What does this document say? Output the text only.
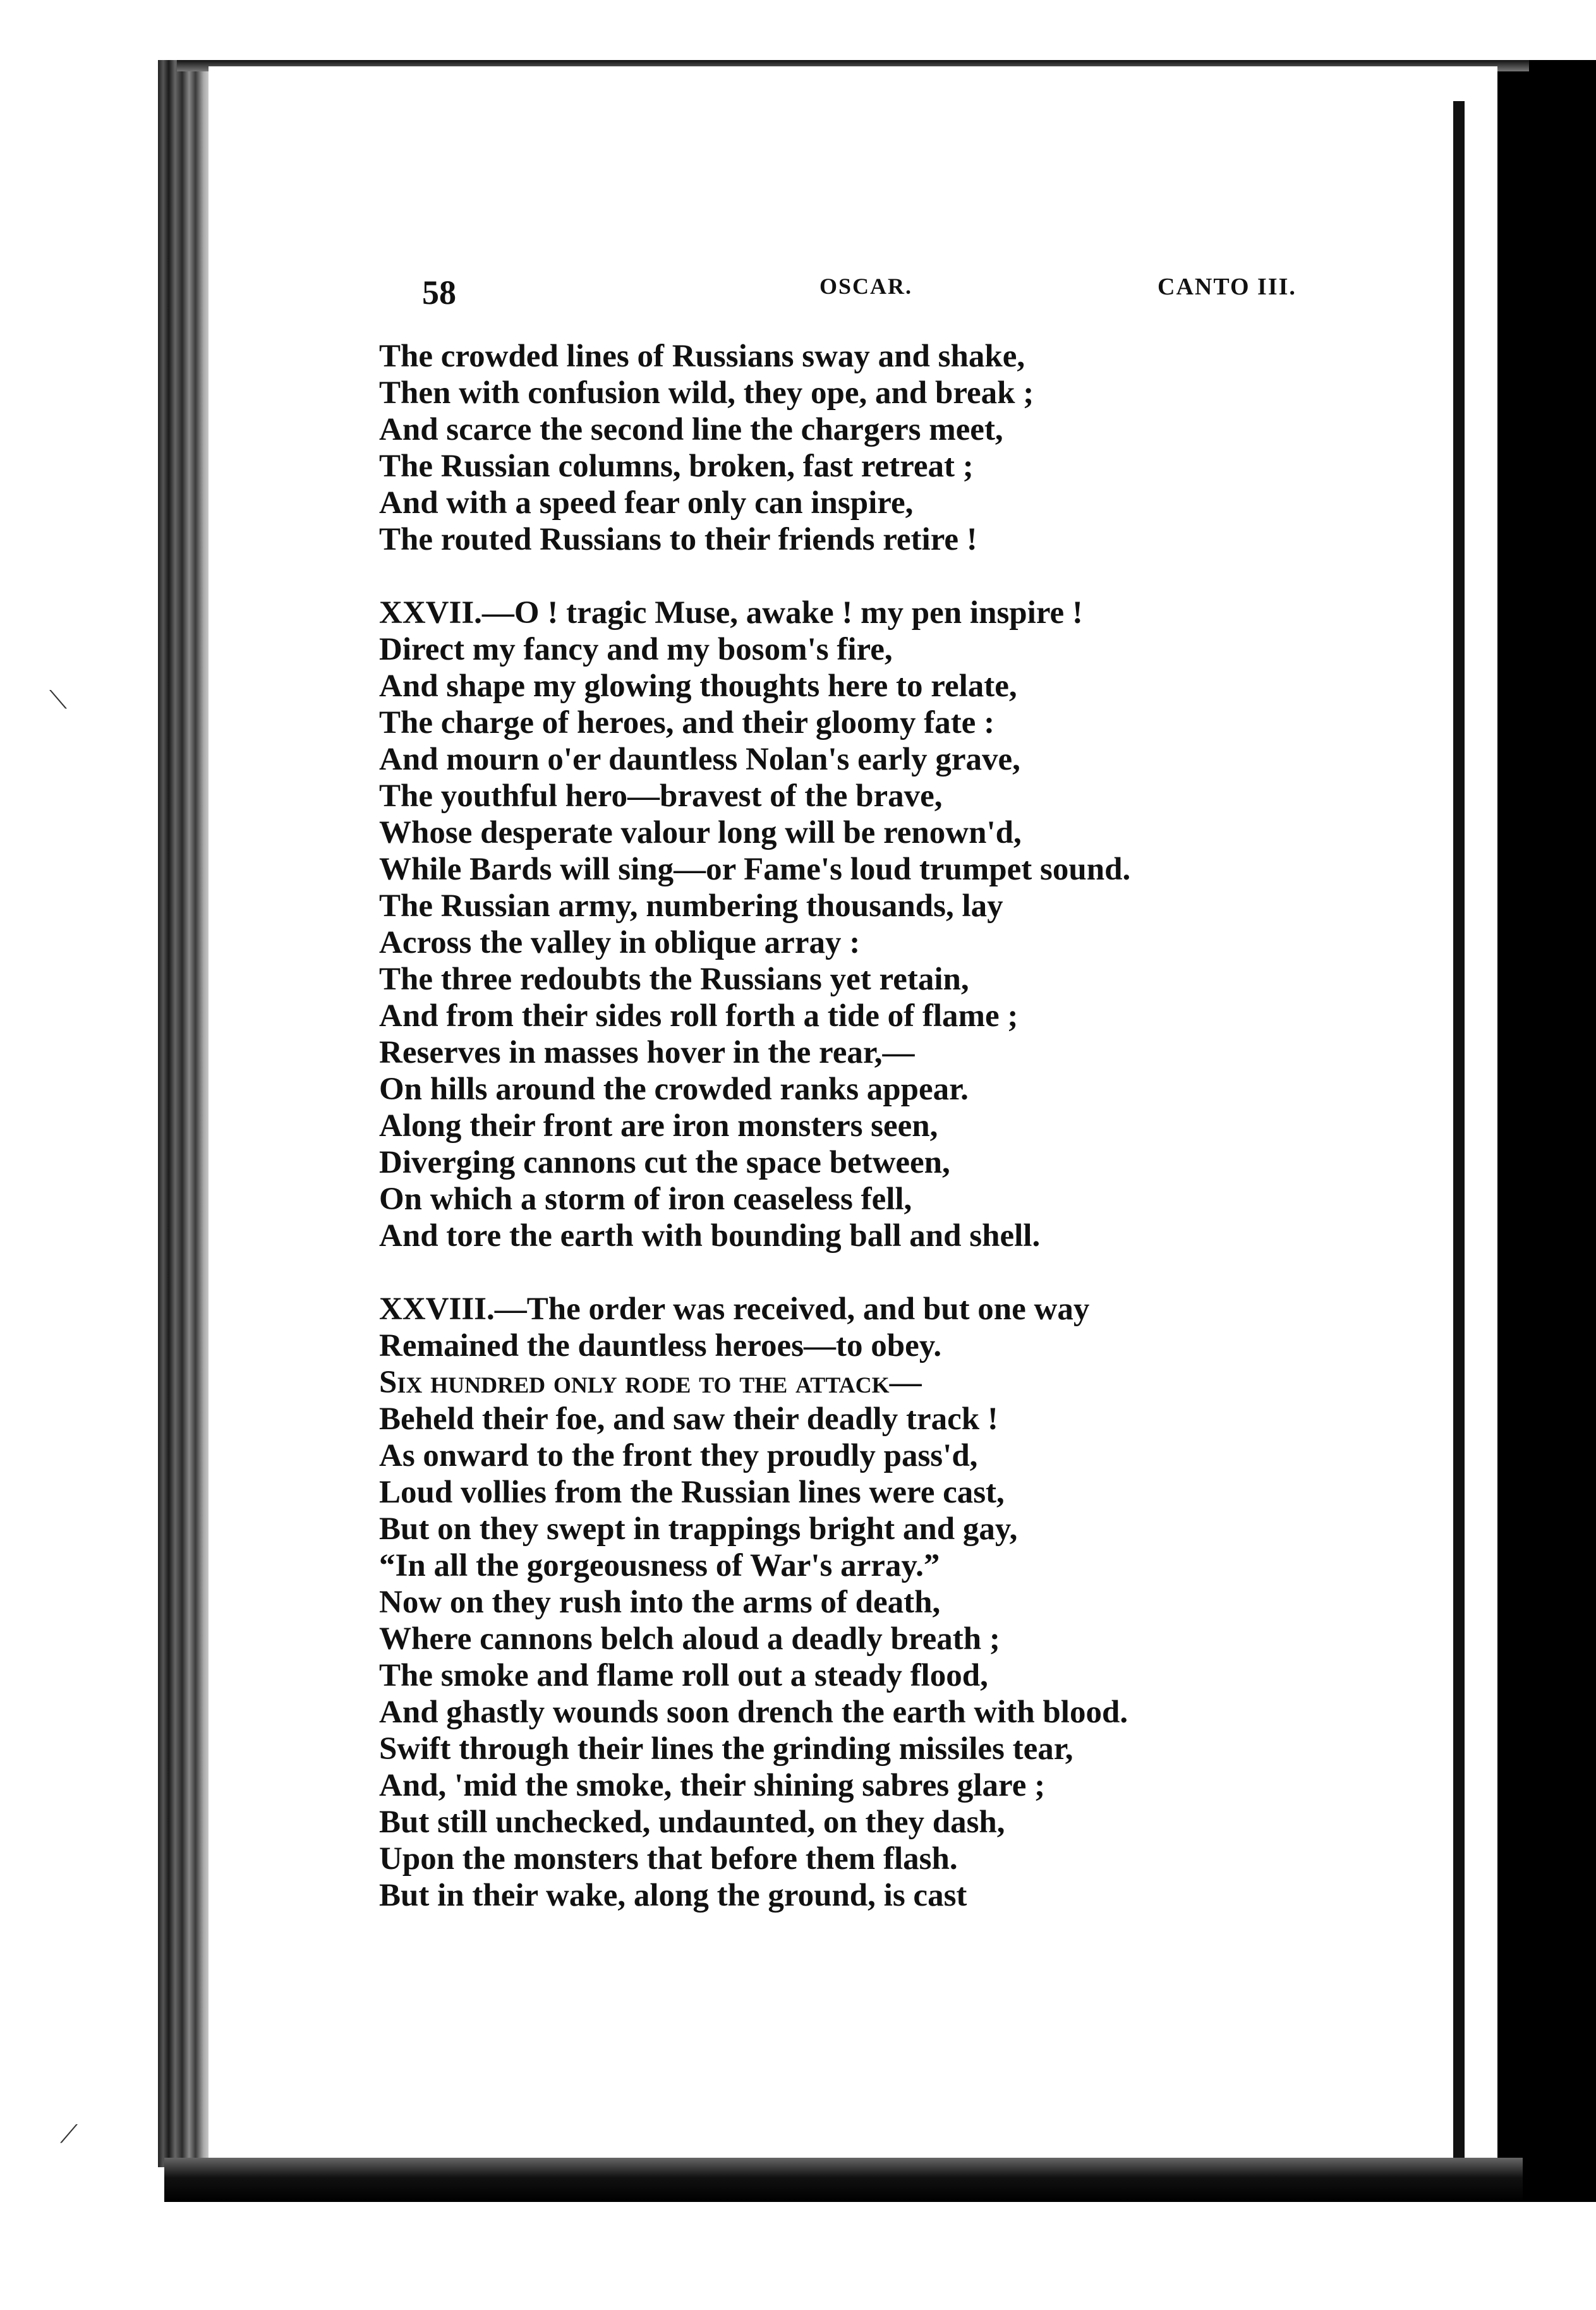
⟍
⟋
58	OSCAR.	CANTO III.
The crowded lines of Russians sway and shake,
Then with confusion wild, they ope, and break ;
And scarce the second line the chargers meet,
The Russian columns, broken, fast retreat ;
And with a speed fear only can inspire,
The routed Russians to their friends retire !
XXVII.—O ! tragic Muse, awake ! my pen inspire !
Direct my fancy and my bosom's fire,
And shape my glowing thoughts here to relate,
The charge of heroes, and their gloomy fate :
And mourn o'er dauntless Nolan's early grave,
The youthful hero—bravest of the brave,
Whose desperate valour long will be renown'd,
While Bards will sing—or Fame's loud trumpet sound.
The Russian army, numbering thousands, lay
Across the valley in oblique array :
The three redoubts the Russians yet retain,
And from their sides roll forth a tide of flame ;
Reserves in masses hover in the rear,—
On hills around the crowded ranks appear.
Along their front are iron monsters seen,
Diverging cannons cut the space between,
On which a storm of iron ceaseless fell,
And tore the earth with bounding ball and shell.
XXVIII.—The order was received, and but one way
Remained the dauntless heroes—to obey.
Six hundred only rode to the attack—
Beheld their foe, and saw their deadly track !
As onward to the front they proudly pass'd,
Loud vollies from the Russian lines were cast,
But on they swept in trappings bright and gay,
“In all the gorgeousness of War's array.”
Now on they rush into the arms of death,
Where cannons belch aloud a deadly breath ;
The smoke and flame roll out a steady flood,
And ghastly wounds soon drench the earth with blood.
Swift through their lines the grinding missiles tear,
And, 'mid the smoke, their shining sabres glare ;
But still unchecked, undaunted, on they dash,
Upon the monsters that before them flash.
But in their wake, along the ground, is cast
